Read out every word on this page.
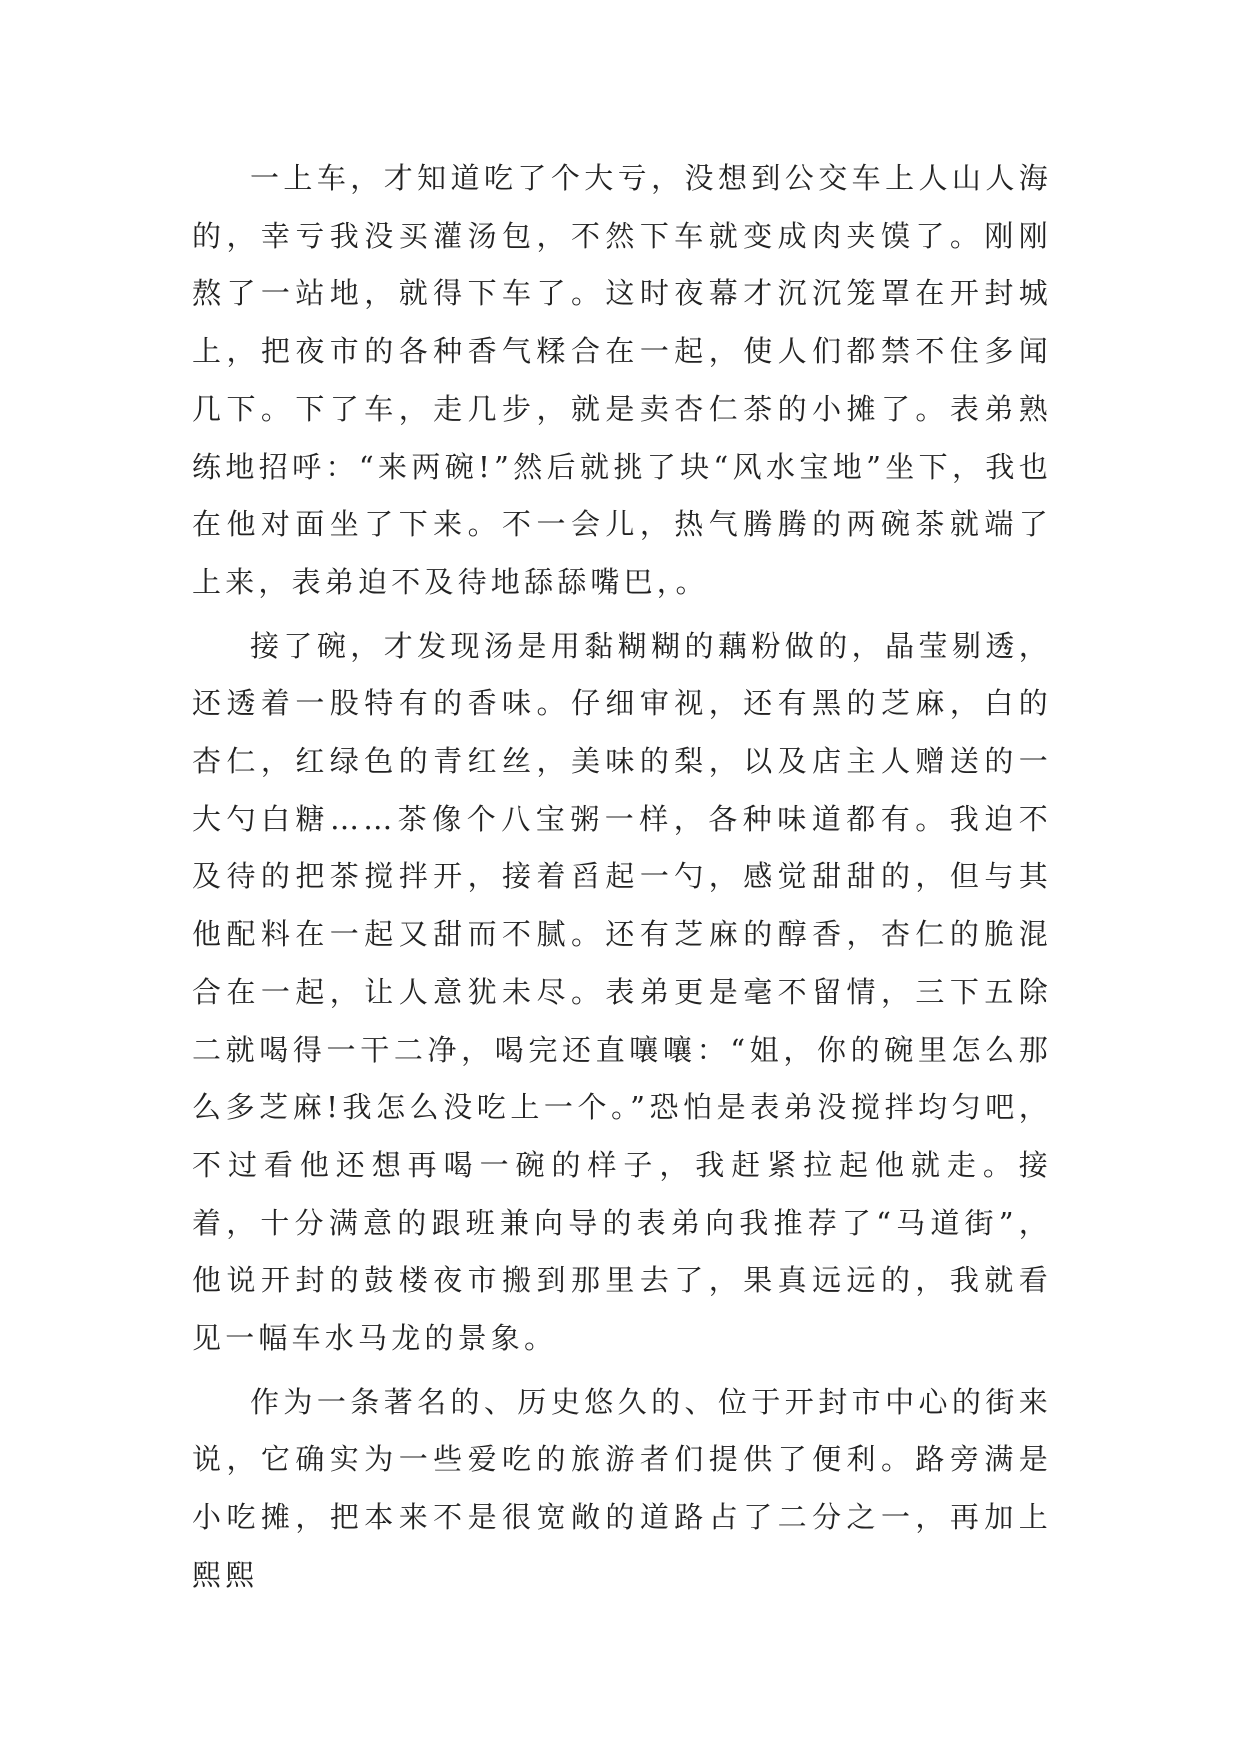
一上车，才知道吃了个大亏，没想到公交车上人山人海的，幸亏我没买灌汤包，不然下车就变成肉夹馍了。刚刚熬了一站地，就得下车了。这时夜幕才沉沉笼罩在开封城上，把夜市的各种香气糅合在一起，使人们都禁不住多闻几下。下了车，走几步，就是卖杏仁茶的小摊了。表弟熟练地招呼：“来两碗!”然后就挑了块“风水宝地”坐下，我也在他对面坐了下来。不一会儿，热气腾腾的两碗茶就端了上来，表弟迫不及待地舔舔嘴巴，。

接了碗，才发现汤是用黏糊糊的藕粉做的，晶莹剔透，还透着一股特有的香味。仔细审视，还有黑的芝麻，白的杏仁，红绿色的青红丝，美味的梨，以及店主人赠送的一大勺白糖……茶像个八宝粥一样，各种味道都有。我迫不及待的把茶搅拌开，接着舀起一勺，感觉甜甜的，但与其他配料在一起又甜而不腻。还有芝麻的醇香，杏仁的脆混合在一起，让人意犹未尽。表弟更是毫不留情，三下五除二就喝得一干二净，喝完还直嚷嚷：“姐，你的碗里怎么那么多芝麻!我怎么没吃上一个。”恐怕是表弟没搅拌均匀吧，不过看他还想再喝一碗的样子，我赶紧拉起他就走。接着，十分满意的跟班兼向导的表弟向我推荐了“马道街”，他说开封的鼓楼夜市搬到那里去了，果真远远的，我就看见一幅车水马龙的景象。

作为一条著名的、历史悠久的、位于开封市中心的街来说，它确实为一些爱吃的旅游者们提供了便利。路旁满是小吃摊，把本来不是很宽敞的道路占了二分之一，再加上熙熙
